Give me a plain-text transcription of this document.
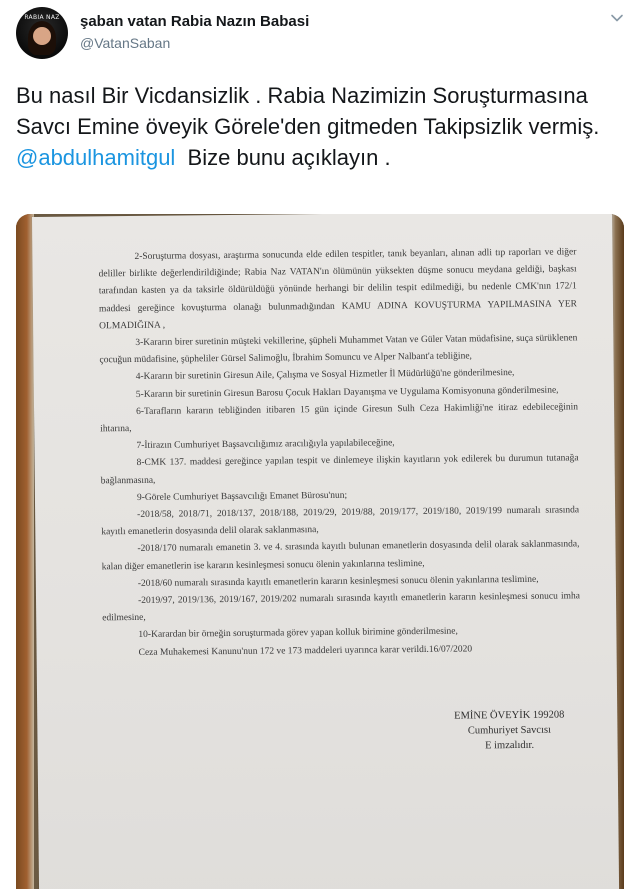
RABIA NAZ şaban vatan Rabia Nazın Babasi
@VatanSaban
Bu nasıl Bir Vicdansizlik . Rabia Nazimizin Soruşturmasına Savcı Emine öveyik Görele'den gitmeden Takipsizlik vermiş. @abdulhamitgul  Bize bunu açıklayın .

2-Soruşturma dosyası, araştırma sonucunda elde edilen tespitler, tanık beyanları, alınan adli tıp raporları ve diğer deliller birlikte değerlendirildiğinde; Rabia Naz VATAN'ın ölümünün yüksekten düşme sonucu meydana geldiği, başkası tarafından kasten ya da taksirle öldürüldüğü yönünde herhangi bir delilin tespit edilmediği, bu nedenle CMK'nın 172/1 maddesi gereğince kovuşturma olanağı bulunmadığından KAMU ADINA KOVUŞTURMA YAPILMASINA YER OLMADIĞINA ,

3-Kararın birer suretinin müşteki vekillerine, şüpheli Muhammet Vatan ve Güler Vatan müdafisine, suça sürüklenen çocuğun müdafisine, şüpheliler Gürsel Salimoğlu, İbrahim Somuncu ve Alper Nalbant'a tebliğine,

4-Kararın bir suretinin Giresun Aile, Çalışma ve Sosyal Hizmetler İl Müdürlüğü'ne gönderilmesine,

5-Kararın bir suretinin Giresun Barosu Çocuk Hakları Dayanışma ve Uygulama Komisyonuna gönderilmesine,

6-Tarafların kararın tebliğinden itibaren 15 gün içinde Giresun Sulh Ceza Hakimliği'ne itiraz edebileceğinin ihtarına,

7-İtirazın Cumhuriyet Başsavcılığımız aracılığıyla yapılabileceğine,

8-CMK 137. maddesi gereğince yapılan tespit ve dinlemeye ilişkin kayıtların yok edilerek bu durumun tutanağa bağlanmasına,

9-Görele Cumhuriyet Başsavcılığı Emanet Bürosu'nun;

-2018/58, 2018/71, 2018/137, 2018/188, 2019/29, 2019/88, 2019/177, 2019/180, 2019/199 numaralı sırasında kayıtlı emanetlerin dosyasında delil olarak saklanmasına,

-2018/170 numaralı emanetin 3. ve 4. sırasında kayıtlı bulunan emanetlerin dosyasında delil olarak saklanmasında, kalan diğer emanetlerin ise kararın kesinleşmesi sonucu ölenin yakınlarına teslimine,

-2018/60 numaralı sırasında kayıtlı emanetlerin kararın kesinleşmesi sonucu ölenin yakınlarına teslimine,

-2019/97, 2019/136, 2019/167, 2019/202 numaralı sırasında kayıtlı emanetlerin kararın kesinleşmesi sonucu imha edilmesine,

10-Karardan bir örneğin soruşturmada görev yapan kolluk birimine gönderilmesine,

Ceza Muhakemesi Kanunu'nun 172 ve 173 maddeleri uyarınca karar verildi.16/07/2020

EMİNE ÖVEYİK 199208
Cumhuriyet Savcısı
E imzalıdır.
